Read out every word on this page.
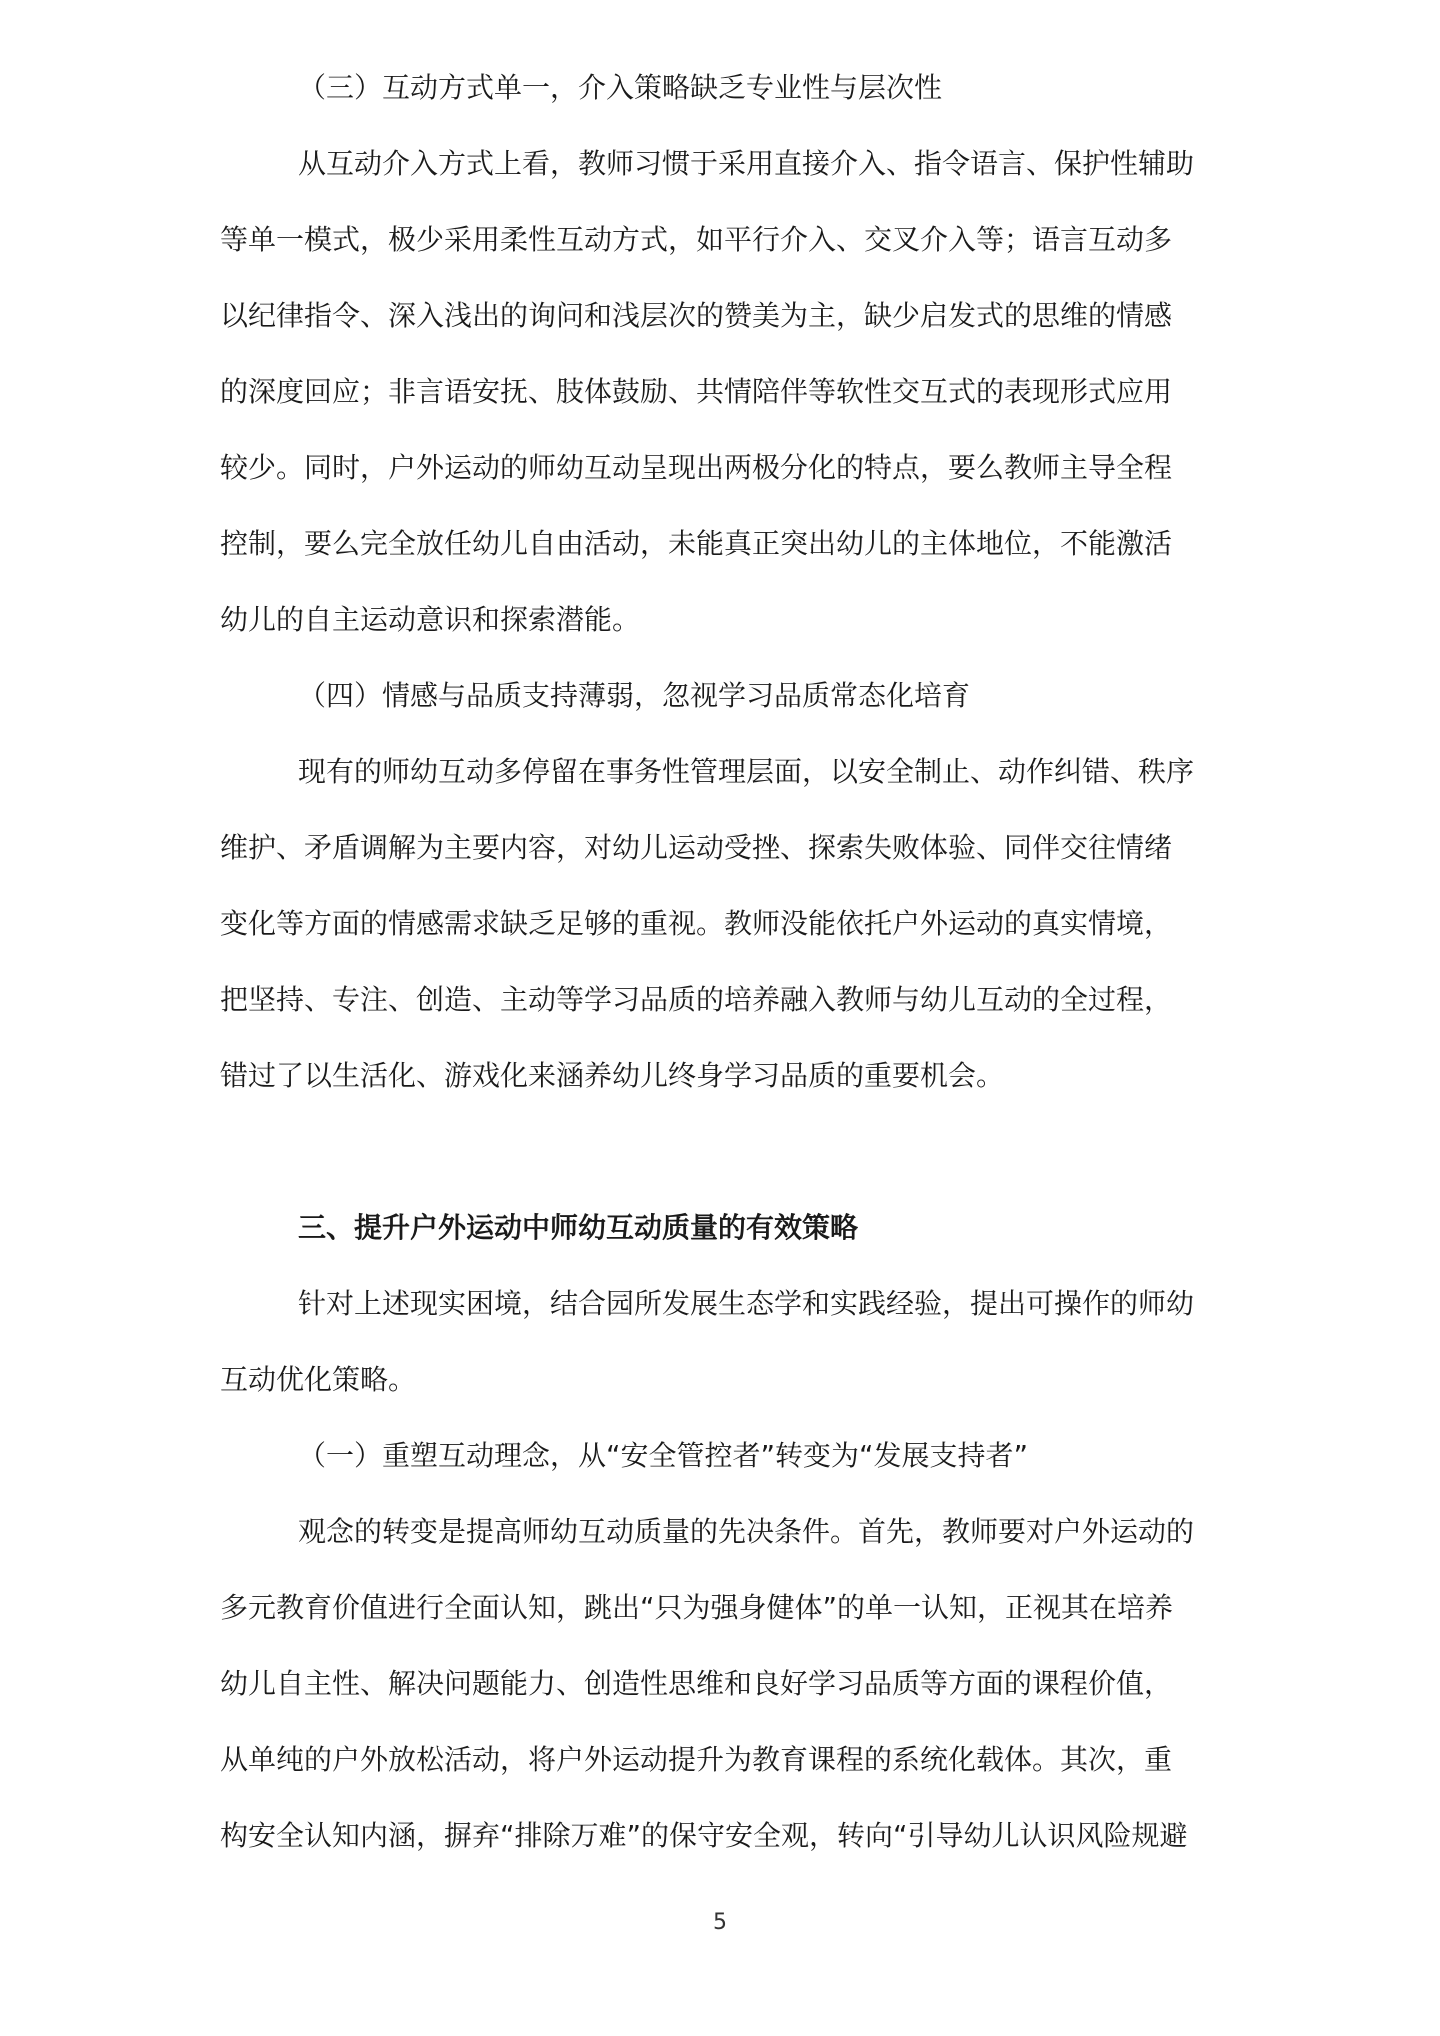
（三）互动方式单一，介入策略缺乏专业性与层次性
从互动介入方式上看，教师习惯于采用直接介入、指令语言、保护性辅助
等单一模式，极少采用柔性互动方式，如平行介入、交叉介入等；语言互动多
以纪律指令、深入浅出的询问和浅层次的赞美为主，缺少启发式的思维的情感
的深度回应；非言语安抚、肢体鼓励、共情陪伴等软性交互式的表现形式应用
较少。同时，户外运动的师幼互动呈现出两极分化的特点，要么教师主导全程
控制，要么完全放任幼儿自由活动，未能真正突出幼儿的主体地位，不能激活
幼儿的自主运动意识和探索潜能。
（四）情感与品质支持薄弱，忽视学习品质常态化培育
现有的师幼互动多停留在事务性管理层面，以安全制止、动作纠错、秩序
维护、矛盾调解为主要内容，对幼儿运动受挫、探索失败体验、同伴交往情绪
变化等方面的情感需求缺乏足够的重视。教师没能依托户外运动的真实情境，
把坚持、专注、创造、主动等学习品质的培养融入教师与幼儿互动的全过程，
错过了以生活化、游戏化来涵养幼儿终身学习品质的重要机会。
三、提升户外运动中师幼互动质量的有效策略
针对上述现实困境，结合园所发展生态学和实践经验，提出可操作的师幼
互动优化策略。
（一）重塑互动理念，从“安全管控者”转变为“发展支持者”
观念的转变是提高师幼互动质量的先决条件。首先，教师要对户外运动的
多元教育价值进行全面认知，跳出“只为强身健体”的单一认知，正视其在培养
幼儿自主性、解决问题能力、创造性思维和良好学习品质等方面的课程价值，
从单纯的户外放松活动，将户外运动提升为教育课程的系统化载体。其次，重
构安全认知内涵，摒弃“排除万难”的保守安全观，转向“引导幼儿认识风险规避
5
